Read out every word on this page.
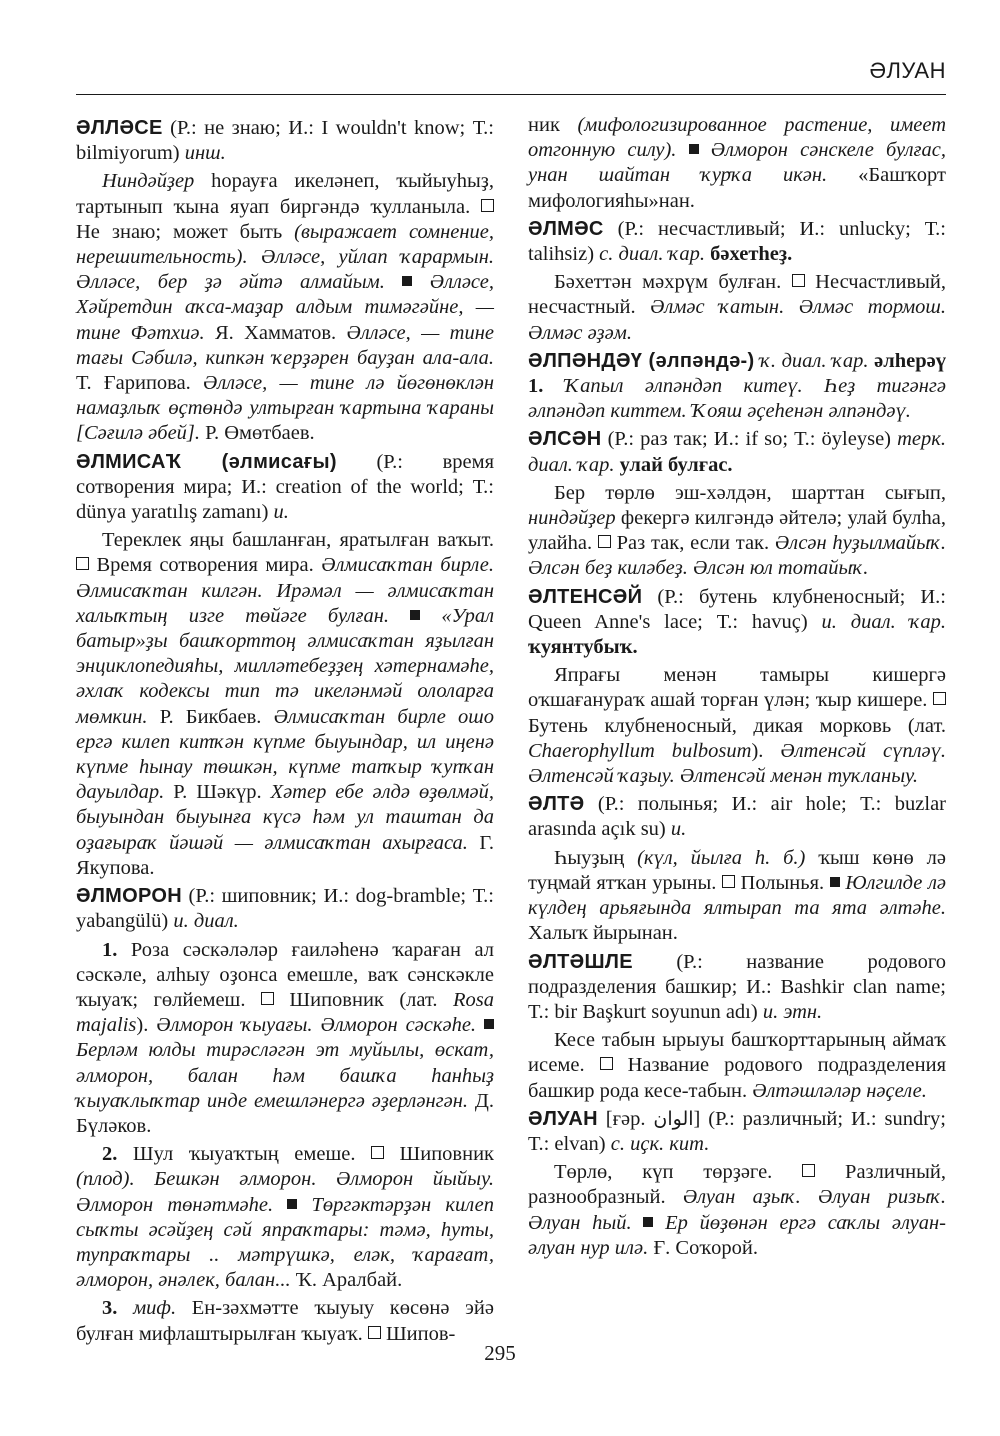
ӘЛУАН

ӘЛЛӘСЕ (Р.: не знаю; И.: I wouldn't know; Т.: bilmiyorum) инш.

Ниндәйҙер һорауға икеләнеп, ҡыйыуһыҙ, тартынып ҡына яуап биргәндә ҡулланыла.  Не знаю; может быть (выражает сомнение, нерешительность). Әлләсе, уйлап ҡарармын. Әлләсе, бер ҙә әйтә алмайым.  Әлләсе, Хәйретдин аҡса-маҙар алдым тимәгәйне, — тине Фәтхиә. Я. Хамматов. Әлләсе, — тине тағы Сәбилә, кипкән ҡерҙәрен бауҙан ала-ала. Т. Ғарипова. Әлләсе, — тине лә йөгөнөклән намаҙлыҡ өҫтөндә ултырған ҡартына ҡараны [Сәғилә әбей]. Р. Өмөтбаев.

ӘЛМИСАҠ (әлмисағы) (Р.: время сотворения мира; И.: creation of the world; Т.: dünya yaratılış zamanı) и.

Тереклек яңы башланған, яратылған ваҡыт.  Время сотворения мира. Әлмисаҡтан бирле. Әлмисаҡтан килгән. Ирәмәл — әлмисаҡтан халыҡтың изге төйәге булған.  «Урал батыр»ҙы башҡорттоң әлмисаҡтан яҙылған энциклопедияһы, милләтебеҙҙең хәтернамәһе, әхлаҡ кодексы тип тә икеләнмәй ололарға мөмкин. Р. Бикбаев. Әлмисаҡтан бирле ошо ергә килеп китҡән күпме быуындар, ил иңенә күпме һынау төшкән, күпме тапҡыр ҡупҡан дауылдар. Р. Шәкүр. Хәтер ебе әлдә өҙөлмәй, быуындан быуынға күсә һәм ул таштан да оҙағыраҡ йәшәй — әлмисаҡтан ахырғаса. Г. Якупова.

ӘЛМОРОН (Р.: шиповник; И.: dog-bramble; Т.: yabangülü) и. диал.

1. Роза сәскәләләр ғаиләһенә ҡараған ал сәскәле, алһыу оҙонса емешле, ваҡ сәнскәкле ҡыуаҡ; гөлйемеш.  Шиповник (лат. Rosa majalis). Әлморон ҡыуағы. Әлморон сәскәһе.  Берләм юлды тирәсләгән эт муйылы, өскат, әлморон, балан һәм башҡа һанһыҙ ҡыуаҡлыҡтар инде емешләнергә әҙерләнгән. Д. Бүләков.

2. Шул ҡыуаҡтың емеше.  Шиповник (плод). Бешкән әлморон. Әлморон йыйыу. Әлморон төнәтмәһе.  Төргәктәрҙән килеп сыҡты әсәйҙең сәй япраҡтары: тәмә, һуты, тупраҡтары .. мәтрүшкә, еләк, ҡарағат, әлморон, әнәлек, балан... Ҡ. Аралбай.

3. миф. Ен-зәхмәтте ҡыуыу көсөнә эйә булған мифлаштырылған ҡыуаҡ.  Шипов-

ник (мифологизированное растение, имеет отгонную силу).  Әлморон сәнскеле булғас, унан шайтан ҡурҡа икән. «Башҡорт мифологияһы»нан.

ӘЛМӘС (Р.: несчастливый; И.: unlucky; Т.: talihsiz) с. диал. ҡар. бәхетһеҙ.

Бәхеттән мәхрүм булған.  Несчастливый, несчастный. Әлмәс ҡатын. Әлмәс тормош. Әлмәс әҙәм.

ӘЛПӘНДӘҮ (әлпәндә-) ҡ. диал. ҡар. әлһерәү 1. Ҡапыл әлпәндәп китеү. Һеҙ тигәнгә әлпәндәп киттем. Ҡояш әҫеһенән әлпәндәү.

ӘЛСӘН (Р.: раз так; И.: if so; Т.: öyleyse) терк. диал. ҡар. улай булғас.

Бер төрлө эш-хәлдән, шарттан сығып, ниндәйҙер фекергә килгәндә әйтелә; улай булһа, улайһа.  Раз так, если так. Әлсән һуҙылмайыҡ. Әлсән беҙ киләбеҙ. Әлсән юл тотайыҡ.

ӘЛТЕНСӘЙ (Р.: бутень клубненосный; И.: Queen Anne's lace; Т.: havuç) и. диал. ҡар. ҡуянтубыҡ.

Япрағы менән тамыры кишергә оҡшағанураҡ ашай торған үлән; ҡыр кишере.  Бутень клубненосный, дикая морковь (лат. Chaerophyllum bulbosum). Әлтенсәй сүпләү. Әлтенсәй ҡаҙыу. Әлтенсәй менән туҡланыу.

ӘЛТӘ (Р.: полынья; И.: air hole; Т.: buzlar arasında açık su) и.

Һыуҙың (күл, йылға һ. б.) ҡыш көнө лә туңмай ятҡан урыны.  Полынья.  Юлгилде лә күлдең арьяғында ялтырап та ята әлтәһе. Халыҡ йырынан.

ӘЛТӘШЛЕ (Р.: название родового подразделения башкир; И.: Bashkir clan name; Т.: bir Başkurt soyunun adı) и. этн.

Кесе табын ырыуы башҡорттарының аймаҡ исеме.  Название родового подразделения башкир рода кесе-табын. Әлтәшләләр нәҫеле.

ӘЛУАН [ғәр. الوان] (Р.: различный; И.: sundry; Т.: elvan) с. иҫк. кит.

Төрлө, күп төрҙәге.  Различный, разнообразный. Әлуан аҙыҡ. Әлуан ризыҡ. Әлуан һый.  Ер йөҙөнән ергә саҡлы әлуан-әлуан нур илә. Ғ. Соҡорой.

295
